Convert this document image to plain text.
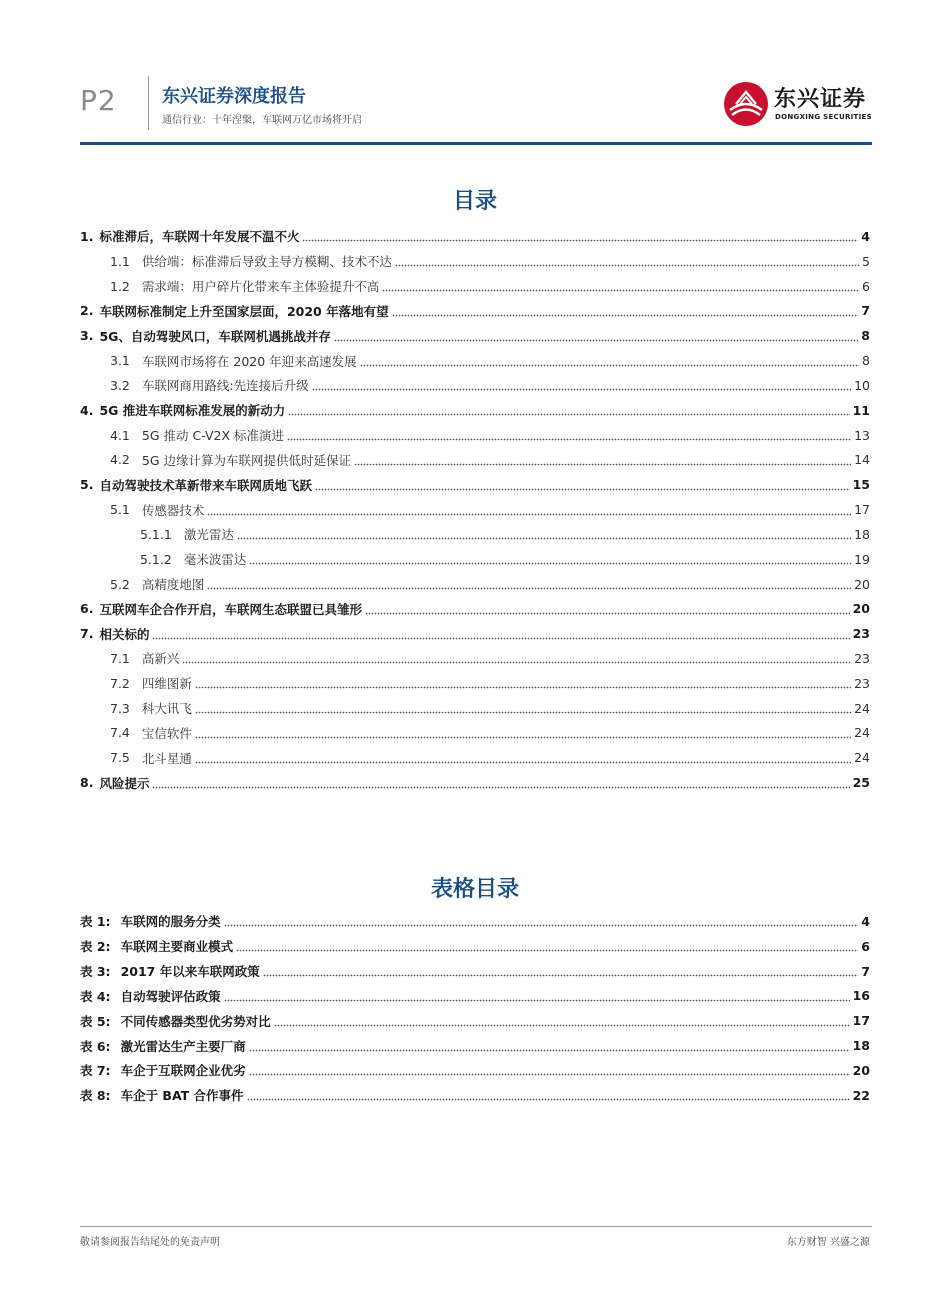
P2	东兴证券深度报告
通信行业：十年涅槃，车联网万亿市场将开启
东兴证券
DONGXING SECURITIES
目录
1. 标准滞后，车联网十年发展不温不火	4
1.1 供给端：标准滞后导致主导方模糊、技术不达	5
1.2 需求端：用户碎片化带来车主体验提升不高	6
2. 车联网标准制定上升至国家层面，2020 年落地有望	7
3. 5G、自动驾驶风口，车联网机遇挑战并存	8
3.1 车联网市场将在 2020 年迎来高速发展	8
3.2 车联网商用路线:先连接后升级	10
4. 5G 推进车联网标准发展的新动力	11
4.1 5G 推动 C-V2X 标准演进	13
4.2 5G 边缘计算为车联网提供低时延保证	14
5. 自动驾驶技术革新带来车联网质地飞跃	15
5.1 传感器技术	17
5.1.1 激光雷达	18
5.1.2 毫米波雷达	19
5.2 高精度地图	20
6. 互联网车企合作开启，车联网生态联盟已具雏形	20
7. 相关标的	23
7.1 高新兴	23
7.2 四维图新	23
7.3 科大讯飞	24
7.4 宝信软件	24
7.5 北斗星通	24
8. 风险提示	25
表格目录
表 1: 车联网的服务分类	4
表 2: 车联网主要商业模式	6
表 3: 2017 年以来车联网政策	7
表 4: 自动驾驶评估政策	16
表 5: 不同传感器类型优劣势对比	17
表 6: 激光雷达生产主要厂商	18
表 7: 车企于互联网企业优劣	20
表 8: 车企于 BAT 合作事件	22
敬请参阅报告结尾处的免责声明	东方财智 兴盛之源
